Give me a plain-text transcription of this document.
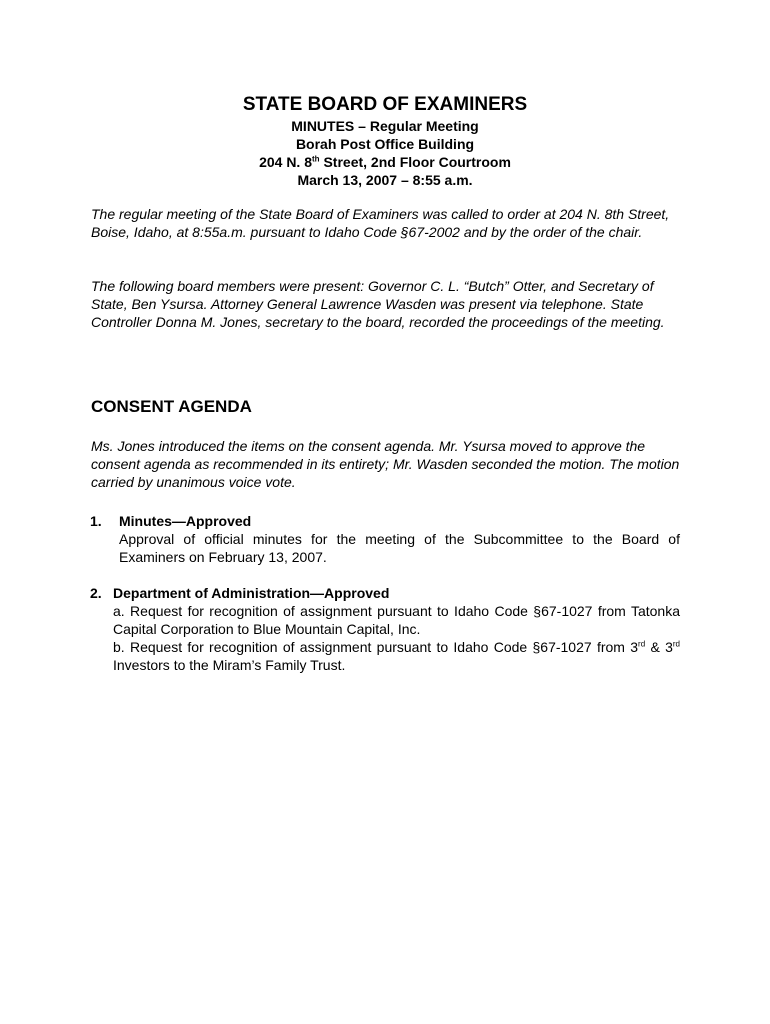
STATE BOARD OF EXAMINERS

MINUTES – Regular Meeting

Borah Post Office Building

204 N. 8th Street, 2nd Floor Courtroom

March 13, 2007 – 8:55 a.m.

The regular meeting of the State Board of Examiners was called to order at 204 N. 8th Street, Boise, Idaho, at 8:55a.m. pursuant to Idaho Code §67-2002 and by the order of the chair.

The following board members were present: Governor C. L. “Butch” Otter, and Secretary of State, Ben Ysursa. Attorney General Lawrence Wasden was present via telephone. State Controller Donna M. Jones, secretary to the board, recorded the proceedings of the meeting.

CONSENT AGENDA

Ms. Jones introduced the items on the consent agenda. Mr. Ysursa moved to approve the consent agenda as recommended in its entirety; Mr. Wasden seconded the motion. The motion carried by unanimous voice vote.

1. Minutes—Approved

Approval of official minutes for the meeting of the Subcommittee to the Board of Examiners on February 13, 2007.

2. Department of Administration—Approved

a. Request for recognition of assignment pursuant to Idaho Code §67-1027 from Tatonka Capital Corporation to Blue Mountain Capital, Inc.

b. Request for recognition of assignment pursuant to Idaho Code §67-1027 from 3rd & 3rd Investors to the Miram’s Family Trust.
